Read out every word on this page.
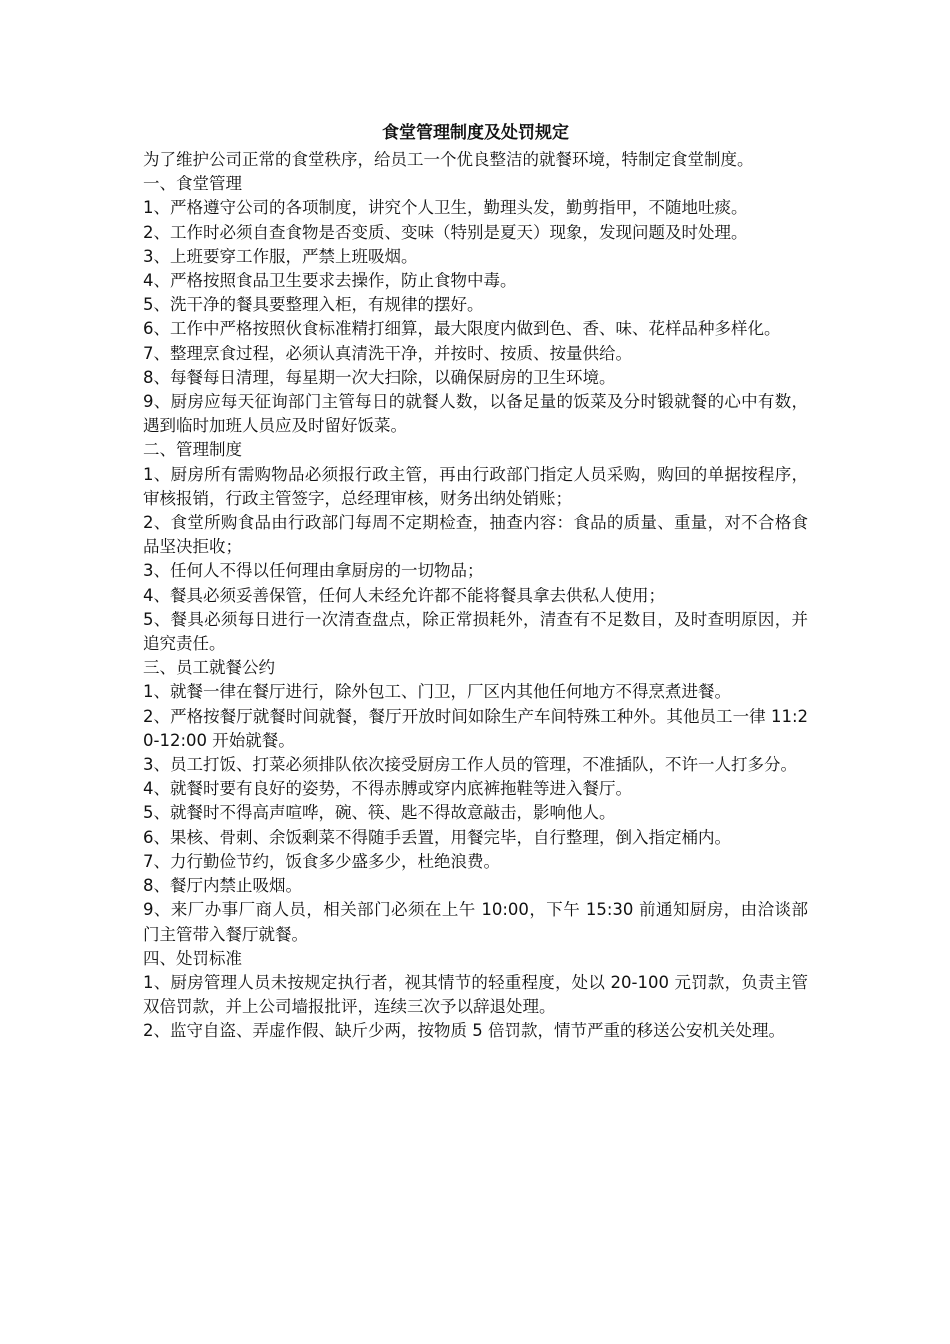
食堂管理制度及处罚规定

为了维护公司正常的食堂秩序，给员工一个优良整洁的就餐环境，特制定食堂制度。

一、食堂管理

1、严格遵守公司的各项制度，讲究个人卫生，勤理头发，勤剪指甲，不随地吐痰。

2、工作时必须自查食物是否变质、变味（特别是夏天）现象，发现问题及时处理。

3、上班要穿工作服，严禁上班吸烟。

4、严格按照食品卫生要求去操作，防止食物中毒。

5、洗干净的餐具要整理入柜，有规律的摆好。

6、工作中严格按照伙食标准精打细算，最大限度内做到色、香、味、花样品种多样化。

7、整理烹食过程，必须认真清洗干净，并按时、按质、按量供给。

8、每餐每日清理，每星期一次大扫除，以确保厨房的卫生环境。

9、厨房应每天征询部门主管每日的就餐人数，以备足量的饭菜及分时锻就餐的心中有数，遇到临时加班人员应及时留好饭菜。

二、管理制度

1、厨房所有需购物品必须报行政主管，再由行政部门指定人员采购，购回的单据按程序，审核报销，行政主管签字，总经理审核，财务出纳处销账；

2、食堂所购食品由行政部门每周不定期检查，抽查内容：食品的质量、重量，对不合格食品坚决拒收；

3、任何人不得以任何理由拿厨房的一切物品；

4、餐具必须妥善保管，任何人未经允许都不能将餐具拿去供私人使用；

5、餐具必须每日进行一次清查盘点，除正常损耗外，清查有不足数目，及时查明原因，并追究责任。

三、员工就餐公约

1、就餐一律在餐厅进行，除外包工、门卫，厂区内其他任何地方不得烹煮进餐。

2、严格按餐厅就餐时间就餐，餐厅开放时间如除生产车间特殊工种外。其他员工一律 11:20-12:00 开始就餐。

3、员工打饭、打菜必须排队依次接受厨房工作人员的管理，不准插队，不许一人打多分。

4、就餐时要有良好的姿势，不得赤膊或穿内底裤拖鞋等进入餐厅。

5、就餐时不得高声喧哗，碗、筷、匙不得故意敲击，影响他人。

6、果核、骨刺、余饭剩菜不得随手丢置，用餐完毕，自行整理，倒入指定桶内。

7、力行勤俭节约，饭食多少盛多少，杜绝浪费。

8、餐厅内禁止吸烟。

9、来厂办事厂商人员，相关部门必须在上午 10:00，下午 15:30 前通知厨房，由洽谈部门主管带入餐厅就餐。

四、处罚标准

1、厨房管理人员未按规定执行者，视其情节的轻重程度，处以 20-100 元罚款，负责主管双倍罚款，并上公司墙报批评，连续三次予以辞退处理。

2、监守自盗、弄虚作假、缺斤少两，按物质 5 倍罚款，情节严重的移送公安机关处理。
